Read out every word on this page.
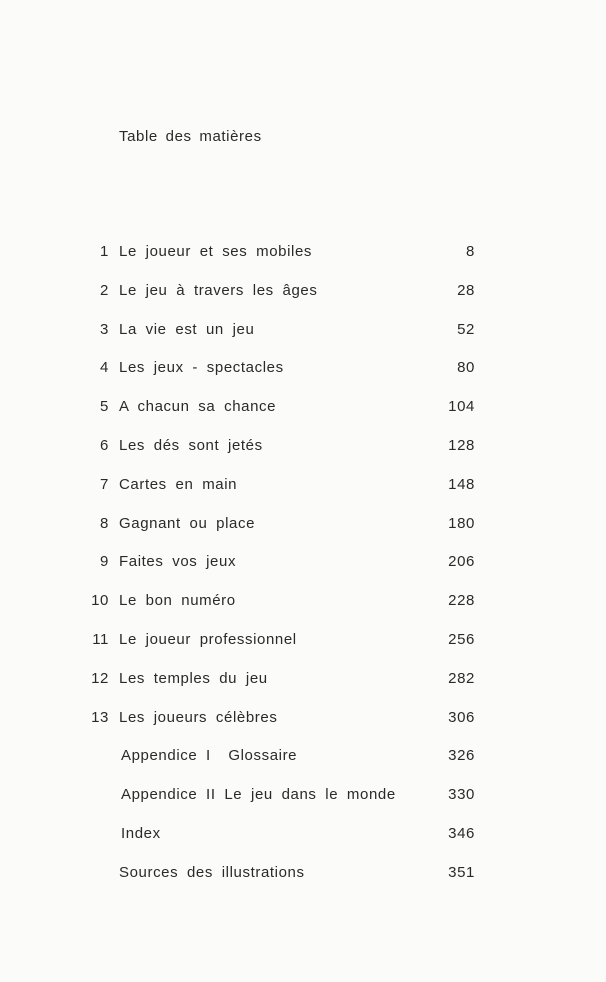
Table des matières
1 Le joueur et ses mobiles	8
2 Le jeu à travers les âges	28
3 La vie est un jeu	52
4 Les jeux - spectacles	80
5 A chacun sa chance	104
6 Les dés sont jetés	128
7 Cartes en main	148
8 Gagnant ou place	180
9 Faites vos jeux	206
10 Le bon numéro	228
11 Le joueur professionnel	256
12 Les temples du jeu	282
13 Les joueurs célèbres	306
Appendice I  Glossaire	326
Appendice II Le jeu dans le monde	330
Index	346
Sources des illustrations	351
